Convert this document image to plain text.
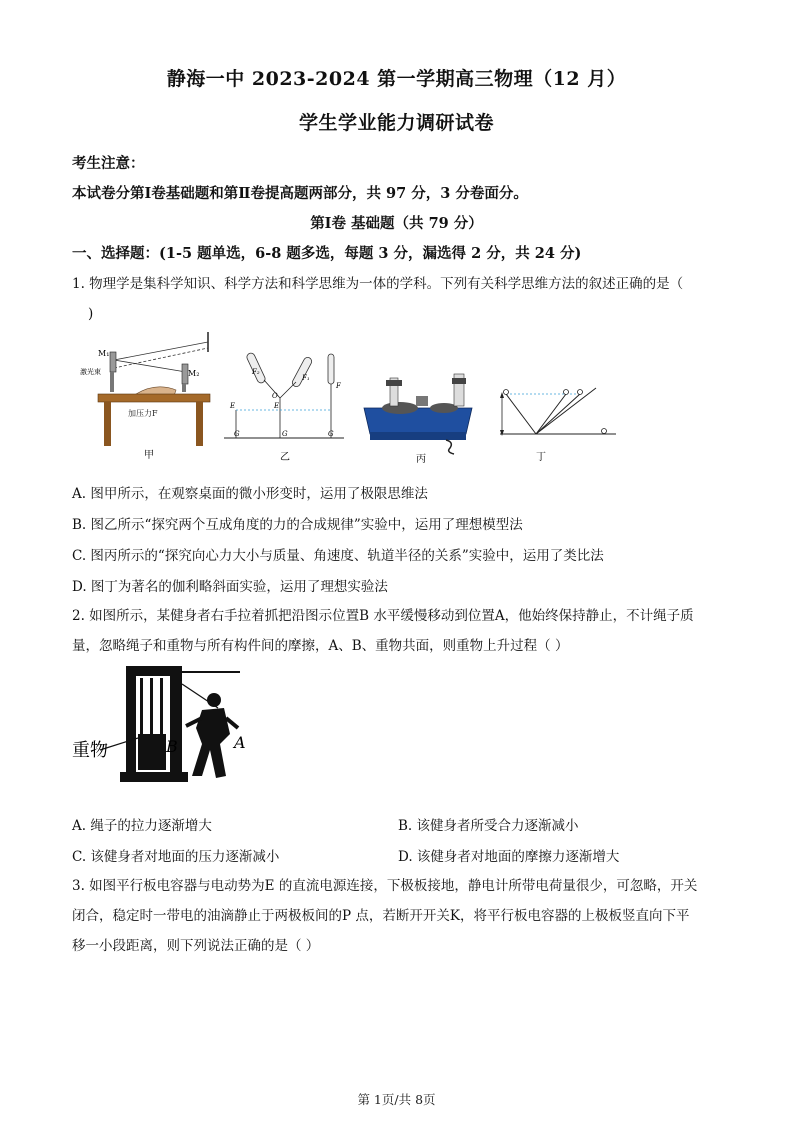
静海一中 2023-2024 第一学期高三物理（12 月）
学生学业能力调研试卷
考生注意：
本试卷分第Ⅰ卷基础题和第Ⅱ卷提高题两部分，共 97 分，3 分卷面分。
第Ⅰ卷 基础题（共 79 分）
一、选择题：(1-5 题单选，6-8 题多选，每题 3 分，漏选得 2 分，共 24 分)
1. 物理学是集科学知识、科学方法和科学思维为一体的学科。下列有关科学思维方法的叙述正确的是（
)
M₁
M₂
激光束
加压力F
甲
F₂
F₁
F
O
E	E
G	G	G
乙	丙	丁
A. 图甲所示，在观察桌面的微小形变时，运用了极限思维法
B. 图乙所示“探究两个互成角度的力的合成规律”实验中，运用了理想模型法
C. 图丙所示的“探究向心力大小与质量、角速度、轨道半径的关系”实验中，运用了类比法
D. 图丁为著名的伽利略斜面实验，运用了理想实验法
2. 如图所示，某健身者右手拉着抓把沿图示位置B 水平缓慢移动到位置A，他始终保持静止，不计绳子质
量，忽略绳子和重物与所有构件间的摩擦，A、B、重物共面，则重物上升过程（ ）
重物	B	A
A. 绳子的拉力逐渐增大	B. 该健身者所受合力逐渐减小
C. 该健身者对地面的压力逐渐减小	D. 该健身者对地面的摩擦力逐渐增大
3. 如图平行板电容器与电动势为E 的直流电源连接，下极板接地，静电计所带电荷量很少，可忽略，开关
闭合，稳定时一带电的油滴静止于两极板间的P 点，若断开开关K，将平行板电容器的上极板竖直向下平
移一小段距离，则下列说法正确的是（ ）
第 1页/共 8页
